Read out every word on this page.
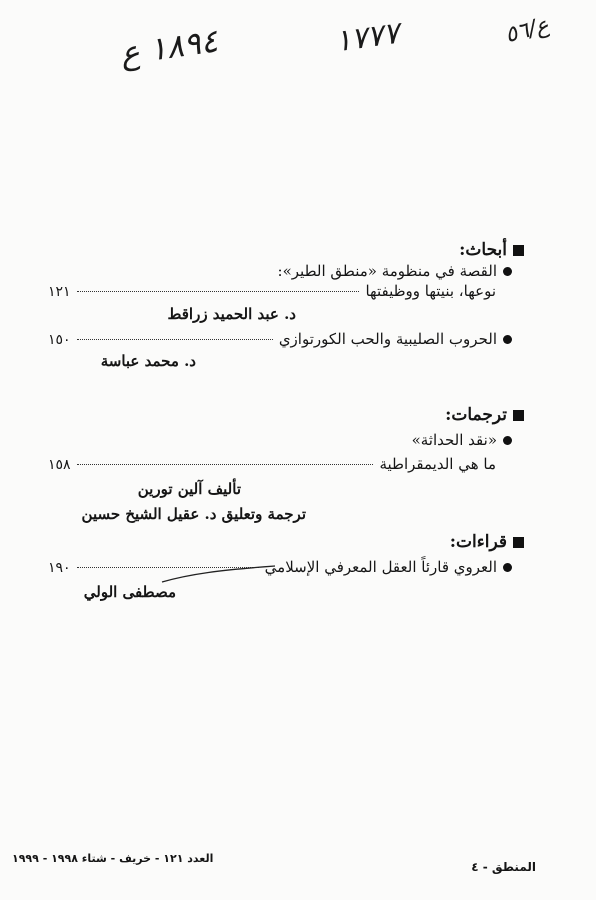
١٨٩٤ ع	١٧٧٧	ع/٥٦
أبحاث:
القصة في منظومة «منطق الطير»:
نوعها، بنيتها ووظيفتها
١٢١
د. عبد الحميد زراقط
الحروب الصليبية والحب الكورتوازي
١٥٠
د. محمد عباسة
ترجمات:
«نقد الحداثة»
ما هي الديمقراطية
١٥٨
تأليف آلين تورين
ترجمة وتعليق د. عقيل الشيخ حسين
قراءات:
العروي قارئاً العقل المعرفي الإسلامي
١٩٠
مصطفى الولي
المنطق - ٤
العدد ١٢١ - خريف - شتاء ١٩٩٨ - ١٩٩٩
